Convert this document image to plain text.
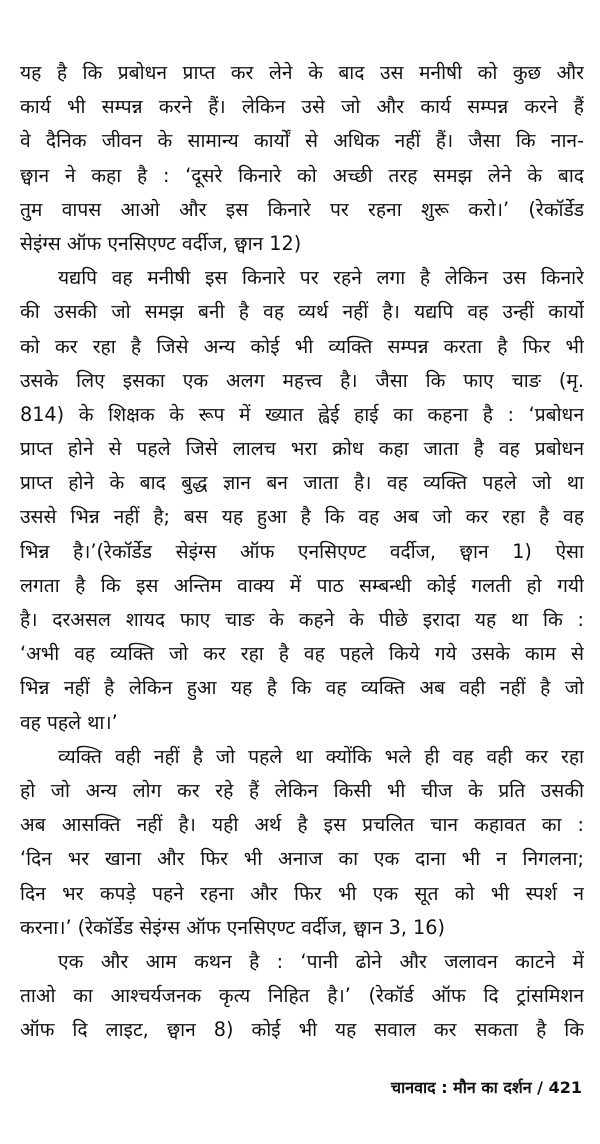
यह है कि प्रबोधन प्राप्त कर लेने के बाद उस मनीषी को कुछ और
कार्य भी सम्पन्न करने हैं। लेकिन उसे जो और कार्य सम्पन्न करने हैं
वे दैनिक जीवन के सामान्य कार्यों से अधिक नहीं हैं। जैसा कि नान-
छ्वान ने कहा है : ‘दूसरे किनारे को अच्छी तरह समझ लेने के बाद
तुम वापस आओ और इस किनारे पर रहना शुरू करो।’ (रेकॉर्डेड
सेइंग्स ऑफ एनसिएण्ट वर्दीज, छ्वान 12)
यद्यपि वह मनीषी इस किनारे पर रहने लगा है लेकिन उस किनारे
की उसकी जो समझ बनी है वह व्यर्थ नहीं है। यद्यपि वह उन्हीं कार्यो
को कर रहा है जिसे अन्य कोई भी व्यक्ति सम्पन्न करता है फिर भी
उसके लिए इसका एक अलग महत्त्व है। जैसा कि फाए चाङ (मृ.
814) के शिक्षक के रूप में ख्यात ह्वेई हाई का कहना है : ‘प्रबोधन
प्राप्त होने से पहले जिसे लालच भरा क्रोध कहा जाता है वह प्रबोधन
प्राप्त होने के बाद बुद्ध ज्ञान बन जाता है। वह व्यक्ति पहले जो था
उससे भिन्न नहीं है; बस यह हुआ है कि वह अब जो कर रहा है वह
भिन्न है।’(रेकॉर्डेड सेइंग्स ऑफ एनसिएण्ट वर्दीज, छ्वान 1) ऐसा
लगता है कि इस अन्तिम वाक्य में पाठ सम्बन्धी कोई गलती हो गयी
है। दरअसल शायद फाए चाङ के कहने के पीछे इरादा यह था कि :
‘अभी वह व्यक्ति जो कर रहा है वह पहले किये गये उसके काम से
भिन्न नहीं है लेकिन हुआ यह है कि वह व्यक्ति अब वही नहीं है जो
वह पहले था।’
व्यक्ति वही नहीं है जो पहले था क्योंकि भले ही वह वही कर रहा
हो जो अन्य लोग कर रहे हैं लेकिन किसी भी चीज के प्रति उसकी
अब आसक्ति नहीं है। यही अर्थ है इस प्रचलित चान कहावत का :
‘दिन भर खाना और फिर भी अनाज का एक दाना भी न निगलना;
दिन भर कपड़े पहने रहना और फिर भी एक सूत को भी स्पर्श न
करना।’ (रेकॉर्डेड सेइंग्स ऑफ एनसिएण्ट वर्दीज, छ्वान 3, 16)
एक और आम कथन है : ‘पानी ढोने और जलावन काटने में
ताओ का आश्चर्यजनक कृत्य निहित है।’ (रेकॉर्ड ऑफ दि ट्रांसमिशन
ऑफ दि लाइट, छ्वान 8) कोई भी यह सवाल कर सकता है कि
चानवाद : मौन का दर्शन / 421
